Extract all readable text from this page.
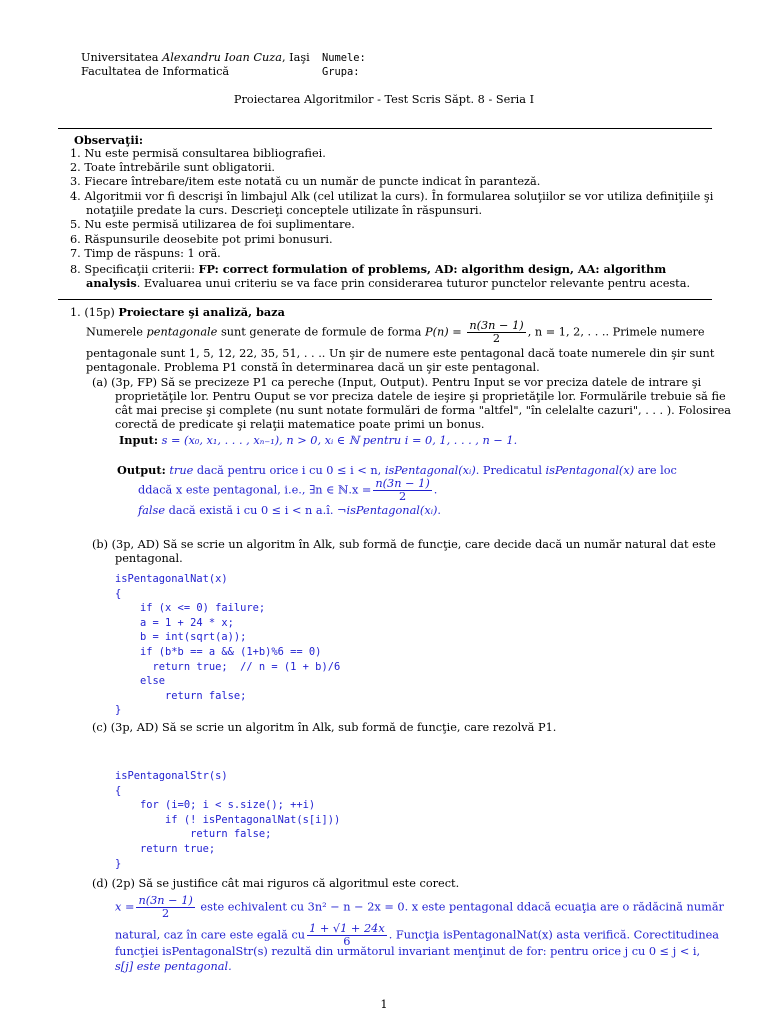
Universitatea Alexandru Ioan Cuza, Iaşi
Facultatea de Informatică
Numele:
Grupa:
Proiectarea Algoritmilor - Test Scris Săpt. 8 - Seria I
Observaţii:
1. Nu este permisă consultarea bibliografiei.
2. Toate întrebările sunt obligatorii.
3. Fiecare întrebare/item este notată cu un număr de puncte indicat în paranteză.
4. Algoritmii vor fi descrişi în limbajul Alk (cel utilizat la curs). În formularea soluţiilor se vor utiliza definiţiile şi
notaţiile predate la curs. Descrieţi conceptele utilizate în răspunsuri.
5. Nu este permisă utilizarea de foi suplimentare.
6. Răspunsurile deosebite pot primi bonusuri.
7. Timp de răspuns: 1 oră.
8. Specificaţii criterii: FP: correct formulation of problems, AD: algorithm design, AA: algorithm
analysis. Evaluarea unui criteriu se va face prin considerarea tuturor punctelor relevante pentru acesta.
1. (15p) Proiectare şi analiză, baza
Numerele pentagonale sunt generate de formule de forma $P(n) = \frac{n(3n - 1)}{2}$ , n = 1, 2, . . .. Primele numere
pentagonale sunt 1, 5, 12, 22, 35, 51, . . .. Un şir de numere este pentagonal dacă toate numerele din şir sunt
pentagonale. Problema P1 constă în determinarea dacă un şir este pentagonal.
(a) (3p, FP) Să se precizeze P1 ca pereche (Input, Output). Pentru Input se vor preciza datele de intrare şi
proprietăţile lor. Pentru Ouput se vor preciza datele de ieşire şi proprietăţile lor. Formulările trebuie să fie
cât mai precise şi complete (nu sunt notate formulări de forma "altfel", "în celelalte cazuri", . . . ). Folosirea
corectă de predicate şi relaţii matematice poate primi un bonus.
Input: s = (x₀, x₁, . . . , xₙ₋₁), n > 0, xᵢ ∈ ℕ pentru i = 0, 1, . . . , n − 1.
Output: true dacă pentru orice i cu 0 ≤ i < n, isPentagonal(xᵢ). Predicatul isPentagonal(x) are loc
ddacă x este pentagonal, i.e., ∃n ∈ ℕ.x = $\frac{n(3n - 1)}{2}$ .
false dacă există i cu 0 ≤ i < n a.î. ¬isPentagonal(xᵢ).
(b) (3p, AD) Să se scrie un algoritm în Alk, sub formă de funcţie, care decide dacă un număr natural dat este
pentagonal.
isPentagonalNat(x)
{
if (x <= 0) failure;
a = 1 + 24 * x;
b = int(sqrt(a));
if (b*b == a && (1+b)%6 == 0)
return true;  // n = (1 + b)/6
else
return false;
}
(c) (3p, AD) Să se scrie un algoritm în Alk, sub formă de funcţie, care rezolvă P1.
isPentagonalStr(s)
{
for (i=0; i < s.size(); ++i)
if (! isPentagonalNat(s[i]))
return false;
return true;
}
(d) (2p) Să se justifice cât mai riguros că algoritmul este corect.
$x = \frac{n(3n - 1)}{2}$ este echivalent cu 3n² − n − 2x = 0. x este pentagonal ddacă ecuaţia are o rădăcină număr
natural, caz în care este egală cu $\frac{1 + √1 + 24x}{6}$ . Funcţia isPentagonalNat(x) asta verifică. Corectitudinea
funcţiei isPentagonalStr(s) rezultă din următorul invariant menţinut de for: pentru orice j cu 0 ≤ j < i,
s[j] este pentagonal.
1
